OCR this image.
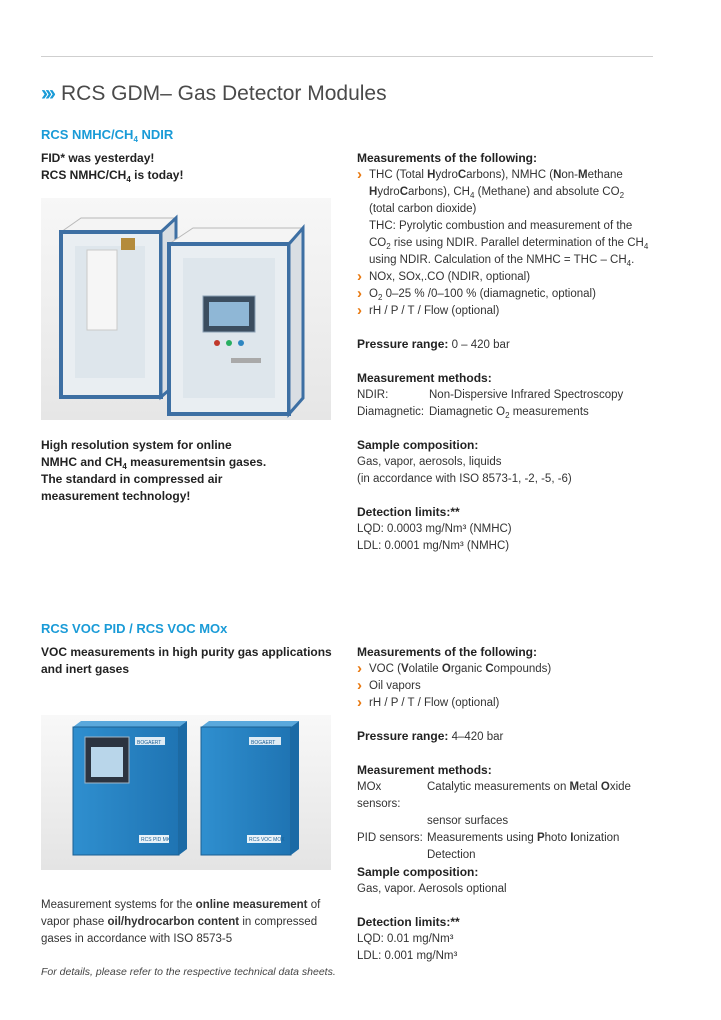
››› RCS GDM – Gas Detector Modules
RCS NMHC/$CH_4$ NDIR
FID* was yesterday!
RCS NMHC/$CH_4$ is today!
High resolution system for online
NMHC and $CH_4$ measurementsin gases.
The standard in compressed air
measurement technology!
Measurements of the following:
› THC (Total HydroCarbons), NMHC (Non-Methane
HydroCarbons), $CH_4$ (Methane) and absolute $CO_2$
(total carbon dioxide)
THC: Pyrolytic combustion and measurement of the
$CO_2$ rise using NDIR. Parallel determination of the $CH_4$
using NDIR. Calculation of the NMHC = THC – $CH_4$.
› NOx, SOx,.CO (NDIR, optional)
› $O_2$ 0–25 % /0–100 % (diamagnetic, optional)
› rH / P / T / Flow (optional)
Pressure range: 0 – 420 bar
Measurement methods:
NDIR:	Non-Dispersive Infrared Spectroscopy
Diamagnetic: Diamagnetic $O_2$ measurements
Sample composition:
Gas, vapor, aerosols, liquids
(in accordance with ISO 8573-1, -2, -5, -6)
Detection limits:**
LQD: 0.0003 mg/Nm³ (NMHC)
LDL: 0.0001 mg/Nm³ (NMHC)
RCS VOC PID / RCS VOC MOx
VOC measurements in high purity gas applications
and inert gases
BOGAERT
RCS PID MK
BOGAERT
RCS VOC MOX
Measurement systems for the online measurement of
vapor phase oil/hydrocarbon content in compressed
gases in accordance with ISO 8573-5
For details, please refer to the respective technical data sheets.
Measurements of the following:
› VOC (Volatile Organic Compounds)
› Oil vapors
› rH / P / T / Flow (optional)
Pressure range: 4–420 bar
Measurement methods:
MOx sensors:
Catalytic measurements on Metal Oxide
sensor surfaces
PID sensors: Measurements using Photo Ionization
Detection
Sample composition:
Gas, vapor. Aerosols optional
Detection limits:**
LQD: 0.01 mg/Nm³
LDL: 0.001 mg/Nm³
